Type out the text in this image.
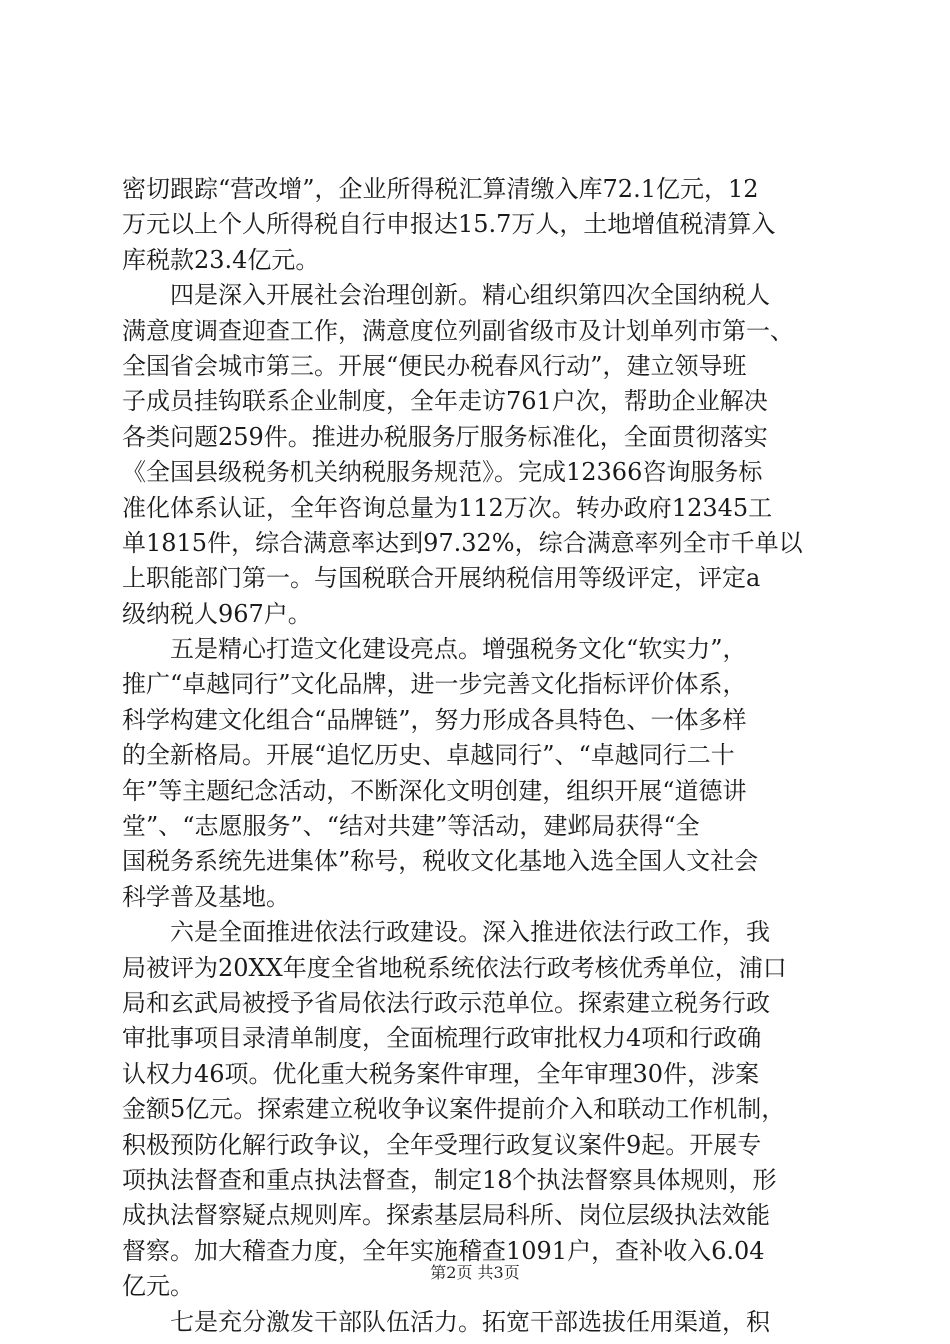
密切跟踪“营改增”，企业所得税汇算清缴入库72.1亿元，12
万元以上个人所得税自行申报达15.7万人，土地增值税清算入
库税款23.4亿元。
四是深入开展社会治理创新。精心组织第四次全国纳税人
满意度调查迎查工作，满意度位列副省级市及计划单列市第一、
全国省会城市第三。开展“便民办税春风行动”，建立领导班
子成员挂钩联系企业制度，全年走访761户次，帮助企业解决
各类问题259件。推进办税服务厅服务标准化，全面贯彻落实
《全国县级税务机关纳税服务规范》。完成12366咨询服务标
准化体系认证，全年咨询总量为112万次。转办政府12345工
单1815件，综合满意率达到97.32%，综合满意率列全市千单以
上职能部门第一。与国税联合开展纳税信用等级评定，评定a
级纳税人967户。
五是精心打造文化建设亮点。增强税务文化“软实力”，
推广“卓越同行”文化品牌，进一步完善文化指标评价体系，
科学构建文化组合“品牌链”，努力形成各具特色、一体多样
的全新格局。开展“追忆历史、卓越同行”、“卓越同行二十
年”等主题纪念活动，不断深化文明创建，组织开展“道德讲
堂”、“志愿服务”、“结对共建”等活动，建邺局获得“全
国税务系统先进集体”称号，税收文化基地入选全国人文社会
科学普及基地。
六是全面推进依法行政建设。深入推进依法行政工作，我
局被评为20XX年度全省地税系统依法行政考核优秀单位，浦口
局和玄武局被授予省局依法行政示范单位。探索建立税务行政
审批事项目录清单制度，全面梳理行政审批权力4项和行政确
认权力46项。优化重大税务案件审理，全年审理30件，涉案
金额5亿元。探索建立税收争议案件提前介入和联动工作机制，
积极预防化解行政争议，全年受理行政复议案件9起。开展专
项执法督查和重点执法督查，制定18个执法督察具体规则，形
成执法督察疑点规则库。探索基层局科所、岗位层级执法效能
督察。加大稽查力度，全年实施稽查1091户，查补收入6.04
亿元。
七是充分激发干部队伍活力。拓宽干部选拔任用渠道，积
第2页 共3页
